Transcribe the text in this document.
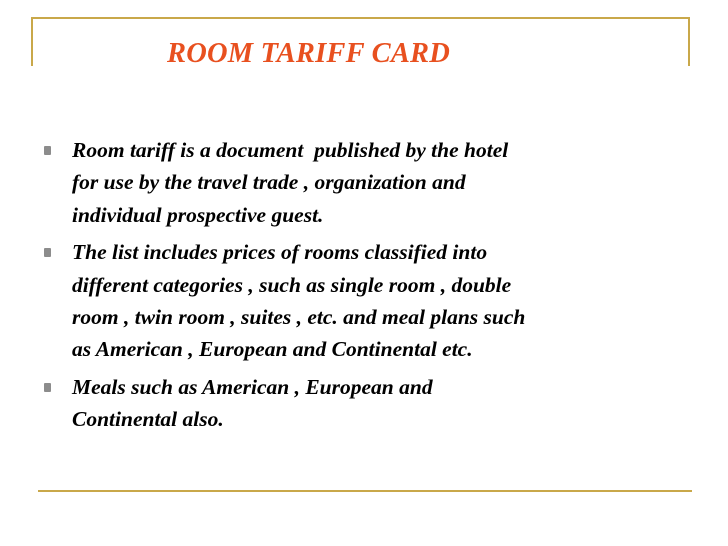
ROOM TARIFF CARD
Room tariff is a document  published by the hotel
for use by the travel trade , organization and
individual prospective guest.
The list includes prices of rooms classified into
different categories , such as single room , double
room , twin room , suites , etc. and meal plans such
as American , European and Continental etc.
Meals such as American , European and
Continental also.
